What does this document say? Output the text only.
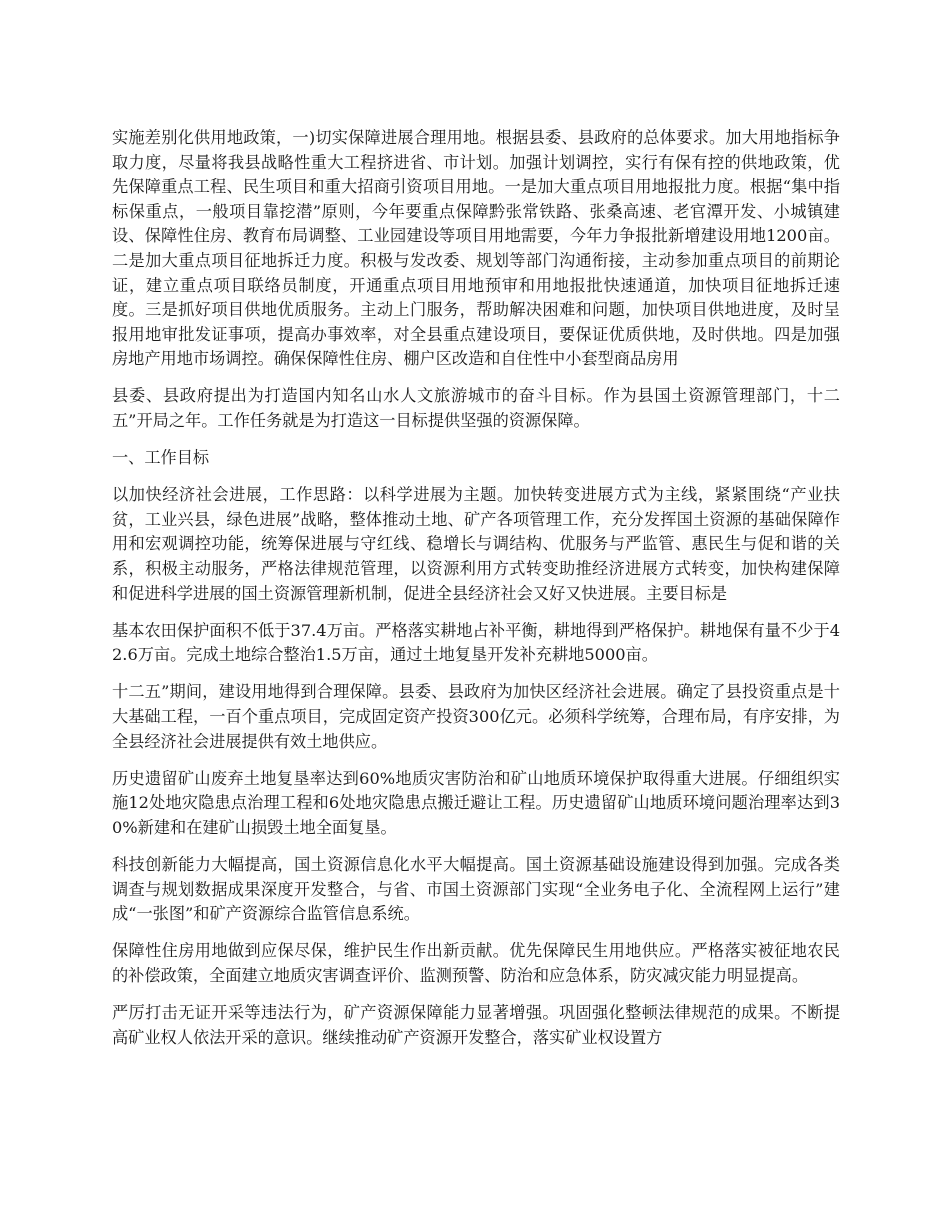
实施差别化供用地政策，一)切实保障进展合理用地。根据县委、县政府的总体要求。加大用地指标争取力度，尽量将我县战略性重大工程挤进省、市计划。加强计划调控，实行有保有控的供地政策，优先保障重点工程、民生项目和重大招商引资项目用地。一是加大重点项目用地报批力度。根据“集中指标保重点，一般项目靠挖潜”原则，今年要重点保障黔张常铁路、张桑高速、老官潭开发、小城镇建设、保障性住房、教育布局调整、工业园建设等项目用地需要，今年力争报批新增建设用地1200亩。二是加大重点项目征地拆迁力度。积极与发改委、规划等部门沟通衔接，主动参加重点项目的前期论证，建立重点项目联络员制度，开通重点项目用地预审和用地报批快速通道，加快项目征地拆迁速度。三是抓好项目供地优质服务。主动上门服务，帮助解决困难和问题，加快项目供地进度，及时呈报用地审批发证事项，提高办事效率，对全县重点建设项目，要保证优质供地，及时供地。四是加强房地产用地市场调控。确保保障性住房、棚户区改造和自住性中小套型商品房用

县委、县政府提出为打造国内知名山水人文旅游城市的奋斗目标。作为县国土资源管理部门，十二五”开局之年。工作任务就是为打造这一目标提供坚强的资源保障。

一、工作目标

以加快经济社会进展，工作思路：以科学进展为主题。加快转变进展方式为主线，紧紧围绕“产业扶贫，工业兴县，绿色进展”战略，整体推动土地、矿产各项管理工作，充分发挥国土资源的基础保障作用和宏观调控功能，统筹保进展与守红线、稳增长与调结构、优服务与严监管、惠民生与促和谐的关系，积极主动服务，严格法律规范管理，以资源利用方式转变助推经济进展方式转变，加快构建保障和促进科学进展的国土资源管理新机制，促进全县经济社会又好又快进展。主要目标是

基本农田保护面积不低于37.4万亩。严格落实耕地占补平衡，耕地得到严格保护。耕地保有量不少于42.6万亩。完成土地综合整治1.5万亩，通过土地复垦开发补充耕地5000亩。

十二五”期间，建设用地得到合理保障。县委、县政府为加快区经济社会进展。确定了县投资重点是十大基础工程，一百个重点项目，完成固定资产投资300亿元。必须科学统筹，合理布局，有序安排，为全县经济社会进展提供有效土地供应。

历史遗留矿山废弃土地复垦率达到60%地质灾害防治和矿山地质环境保护取得重大进展。仔细组织实施12处地灾隐患点治理工程和6处地灾隐患点搬迁避让工程。历史遗留矿山地质环境问题治理率达到30%新建和在建矿山损毁土地全面复垦。

科技创新能力大幅提高，国土资源信息化水平大幅提高。国土资源基础设施建设得到加强。完成各类调查与规划数据成果深度开发整合，与省、市国土资源部门实现“全业务电子化、全流程网上运行”建成“一张图”和矿产资源综合监管信息系统。

保障性住房用地做到应保尽保，维护民生作出新贡献。优先保障民生用地供应。严格落实被征地农民的补偿政策，全面建立地质灾害调查评价、监测预警、防治和应急体系，防灾减灾能力明显提高。

严厉打击无证开采等违法行为，矿产资源保障能力显著增强。巩固强化整顿法律规范的成果。不断提高矿业权人依法开采的意识。继续推动矿产资源开发整合，落实矿业权设置方
